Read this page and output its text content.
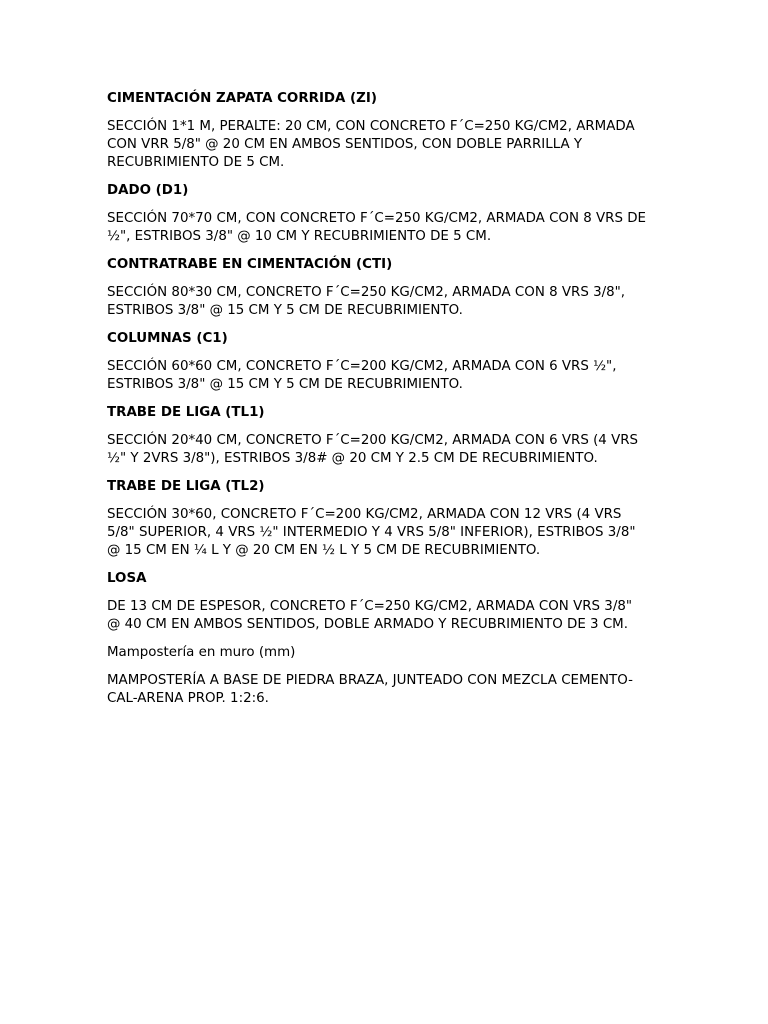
CIMENTACIÓN ZAPATA CORRIDA (ZI)
SECCIÓN 1*1 M, PERALTE: 20 CM, CON CONCRETO F´C=250 KG/CM2, ARMADA
CON VRR 5/8" @ 20 CM EN AMBOS SENTIDOS, CON DOBLE PARRILLA Y
RECUBRIMIENTO DE 5 CM.
DADO (D1)
SECCIÓN 70*70 CM, CON CONCRETO F´C=250 KG/CM2, ARMADA CON 8 VRS DE
½", ESTRIBOS 3/8" @ 10 CM Y RECUBRIMIENTO DE 5 CM.
CONTRATRABE EN CIMENTACIÓN (CTI)
SECCIÓN 80*30 CM, CONCRETO F´C=250 KG/CM2, ARMADA CON 8 VRS 3/8",
ESTRIBOS 3/8" @ 15 CM Y 5 CM DE RECUBRIMIENTO.
COLUMNAS (C1)
SECCIÓN 60*60 CM, CONCRETO F´C=200 KG/CM2, ARMADA CON 6 VRS ½",
ESTRIBOS 3/8" @ 15 CM Y 5 CM DE RECUBRIMIENTO.
TRABE DE LIGA (TL1)
SECCIÓN 20*40 CM, CONCRETO F´C=200 KG/CM2, ARMADA CON 6 VRS (4 VRS
½" Y 2VRS 3/8"), ESTRIBOS 3/8# @ 20 CM Y 2.5 CM DE RECUBRIMIENTO.
TRABE DE LIGA (TL2)
SECCIÓN 30*60, CONCRETO F´C=200 KG/CM2, ARMADA CON 12 VRS (4 VRS
5/8" SUPERIOR, 4 VRS ½" INTERMEDIO Y 4 VRS 5/8" INFERIOR), ESTRIBOS 3/8"
@ 15 CM EN ¼ L Y @ 20 CM EN ½ L Y 5 CM DE RECUBRIMIENTO.
LOSA
DE 13 CM DE ESPESOR, CONCRETO F´C=250 KG/CM2, ARMADA CON VRS 3/8"
@ 40 CM EN AMBOS SENTIDOS, DOBLE ARMADO Y RECUBRIMIENTO DE 3 CM.
Mampostería en muro (mm)
MAMPOSTERÍA A BASE DE PIEDRA BRAZA, JUNTEADO CON MEZCLA CEMENTO-
CAL-ARENA PROP. 1:2:6.
